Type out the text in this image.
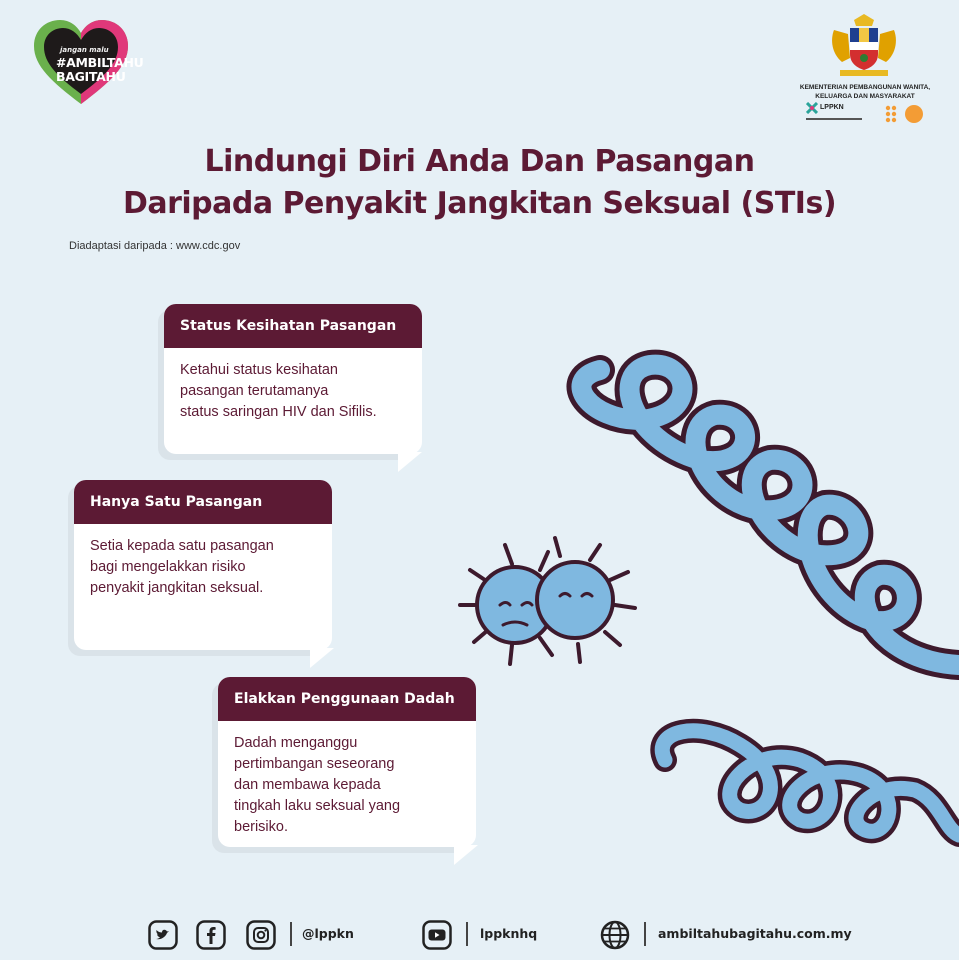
jangan malu
#AMBILTAHU
BAGITAHU
KEMENTERIAN PEMBANGUNAN WANITA,
KELUARGA DAN MASYARAKAT
LPPKN
Lindungi Diri Anda Dan Pasangan
Daripada Penyakit Jangkitan Seksual (STIs)
Diadaptasi daripada : www.cdc.gov
Status Kesihatan Pasangan
Ketahui status kesihatan
pasangan terutamanya
status saringan HIV dan Sifilis.
Hanya Satu Pasangan
Setia kepada satu pasangan
bagi mengelakkan risiko
penyakit jangkitan seksual.
Elakkan Penggunaan Dadah
Dadah menganggu
pertimbangan seseorang
dan membawa kepada
tingkah laku seksual yang
berisiko.
@lppkn	lppknhq	ambiltahubagitahu.com.my
